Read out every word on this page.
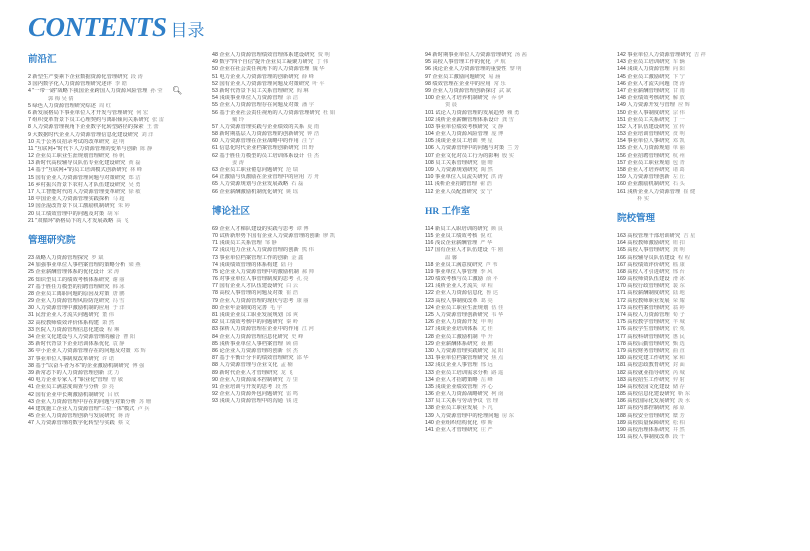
CONTENTS 目录
前沿汇
2 新型生产要素下企业数据资源化管理研究 段 涛
3 国内数字化人力资源管理研究述评 李 皓
4 "一带一路"战略下我国企业跨国人力资源风险管理 孙 莹
郭 梅 吴 倩
5 绿色人力资源管理研究综述 周 红
6 新发展格局下事业单位人才开发与管理研究 何 宏
7 组织变革背景下员工心理契约与离职倾向关系研究 张 雷
8 人力资源管理视角下企业数字化转型路径的探索 王 蕾
9 大数据时代企业人力资源管理信息化建设研究 刘 洋
10 关于公务员招录考试的改革研究 赵 明
11 "互联网+"时代下人力资源管理的变革与创新 陈 静
12 企业员工职业生涯规划管理研究 杨 帆
13 新时代高校辅导员队伍专业化建设研究 黄 磊
14 基于"互联网+"的员工培训模式创新研究 林 峰
15 国有企业人力资源管理问题与对策研究 郑 洁
16 乡村振兴背景下农村人才队伍建设研究 吴 勇
17 人工智能时代的人力资源管理变革研究 徐 敏
18 中国企业人力资源管理实践探析 马 超
19 国企混改背景下员工激励机制研究 朱 婷
20 员工绩效管理中的问题及对策 胡 军
21 "双循环"新格局下的人才发展战略 高 飞
管理研究院
23 战略人力资源管理探究 罗 斌
24 加强事业单位人事档案管理的策略分析 梁 燕
25 企业薪酬管理体系的优化设计 宋 涛
26 知识型员工的绩效考核体系研究 谢 丽
27 基于胜任力模型的招聘管理研究 韩 冰
28 企业员工离职问题的原因及对策 唐 鹏
29 企业人力资源管理风险防范研究 冯 雪
30 人力资源管理中激励机制的应用 于 洋
31 民营企业人才流失问题研究 董 伟
32 高校教师绩效评价体系构建 萧 然
33 医院人力资源管理信息化建设 程 琳
34 企业文化建设与人力资源管理的融合 曹 阳
35 新时代背景下企业培训体系优化 袁 静
36 中小企业人力资源管理存在的问题及对策 邓 辉
37 事业单位人事制度改革研究 许 诺
38 基于"以奋斗者为本"的企业激励机制研究 傅 强
39 新常态下的人力资源管理创新 沈 力
40 电力企业专家人才"职业化"管理 曾 敏
41 企业员工满意度调查与分析 彭 亮
42 国有企业中长期激励机制研究 吕 欣
43 企业人力资源管理中存在的问题与对策分析 苏 珊
44 建筑施工企业人力资源管理"三位一体"模式 卢 兵
45 企业人力资源管理创新与发展研究 蒋 涛
47 人力资源管理的数字化转型与实践 蔡 文
48 企业人力资源管理绩效管理体系建设研究 贾 明
49 数字"四个自信"提升企业员工凝聚力研究 丁 伟
50 企业在社会责任视角下的人力资源管理 魏 华
51 电力企业人力资源管理的创新研究 薛 峰
52 国有企业人力资源管理问题及对策研究 叶 平
53 新时代背景下员工关系管理研究 阎 琳
54 浅谈事业单位人力资源管理 余 洁
55 企业人力资源管理存在问题及对策 潘 宇
56 基于企业社会责任视角的人力资源管理研究 杜 娟
戴 玲
57 人力资源管理实践与企业绩效的关系 夏 雨
58 新时期基层人力资源管理的创新研究 钟 浩
60 人力资源管理在企业战略中的作用 汪 宁
61 信息化时代企业档案管理创新研究 田 野
62 基于胜任力模型的员工培训体系设计 任 杰
姜 涛
63 企业员工职业倦怠问题研究 范 瑞
64 正激励与负激励在企业管理中的应用 方 舟
65 人力资源规划与企业发展战略 石 磊
66 企业薪酬激励机制优化研究 姚 瑶
博论社区
69 企业人才梯队建设的实践与思考 谭 博
70 试析新形势下国有企业人力资源管理的创新 廖 凯
71 浅谈员工关系管理 邹 静
72 浅议电力企业人力资源管理的创新 熊 伟
73 事业单位档案管理工作的创新 金 鑫
74 浅谈绩效管理的体系构建 陆 丹
75 论企业人力资源管理中的激励机制 郝 帅
76 对事业单位人事管理制度的思考 孔 亮
77 国有企业人才队伍建设研究 白 云
78 高校人事管理的问题及对策 崔 浩
79 企业人力资源管理的现状与思考 康 丽
80 企业年金制度的完善 毛 宇
81 浅谈企业员工职业发展规划 邱 爽
82 员工绩效考核中的问题研究 秦 岭
83 探析人力资源管理在企业中的作用 江 河
84 企业人力资源管理信息化研究 史 峰
85 浅析事业单位人事档案管理 顾 倩
86 论企业人力资源管理的创新 侯 杰
87 基于平衡计分卡的绩效管理研究 邵 华
88 人力资源管理与企业文化 孟 楠
89 新时代企业人才管理研究 龙 飞
90 企业人力资源成本控制研究 万 里
91 企业培训与开发的思考 段 然
92 企业人力资源外包问题研究 雷 鸣
93 浅谈人力资源管理中的沟通 钱 进
94 新时期事业单位人力资源管理研究 汤 茜
95 高校人事管理工作的优化 尹 航
96 浅论企业人力资源管理的重要性 黎 明
97 企业员工激励问题研究 易 涵
98 绩效管理在企业中的应用 常 乐
99 企业人力资源管理创新探讨 武 斌
100 企业人才培养机制研究 乔 伊
贺 晨
101 试论人力资源管理的发展趋势 赖 勇
102 浅析企业薪酬管理体系设计 龚 雪
103 事业单位绩效考核研究 文 静
104 企业人力资源风险管理 庞 博
105 浅谈企业员工培训 樊 星
106 人力资源管理中的问题与对策 兰 芳
107 企业文化对员工行为的影响 殷 实
108 员工关系管理研究 施 晴
109 人力资源规划研究 陶 然
110 事业单位人员流失研究 洪 涛
111 浅析企业招聘管理 翟 浩
112 企业人员配置研究 安 宁
HR 工作室
114 新员工入职培训的研究 颜 良
115 企业员工绩效考核 倪 红
116 浅议企业薪酬管理 严 华
117 国有企业人才队伍建设 牛 刚
温 馨
118 企业员工满意度研究 芦 苇
119 事业单位人事管理 季 风
120 绩效考核与员工激励 俞 平
121 浅析企业人才流失 章 程
122 企业人力资源信息化 鲁 达
123 高校人事制度改革 葛 亮
124 企业员工职业生涯规划 伍 佳
125 人力资源管理创新研究 韦 华
126 企业人力资源开发 申 明
127 浅谈企业培训体系 尤 佳
128 企业员工激励机制 毕 升
129 企业薪酬体系研究 聂 鹏
130 人力资源管理实践研究 晁 阳
131 事业单位档案管理研究 焦 点
132 浅议企业人事管理 邢 远
133 企业员工培训需求分析 路 遥
134 企业人才招聘策略 岳 峰
135 浅谈企业绩效管理 齐 心
136 企业人力资源战略研究 柯 南
137 员工关系与劳动争议 管 理
138 企业员工职业发展 卜 凡
139 人力资源管理中的伦理问题 房 东
140 企业组织结构优化 缪 斯
141 企业人才管理研究 庄 严
142 事业单位人力资源管理研究 吉 祥
143 企业员工培训研究 车 辆
144 浅谈人力资源管理 向 阳
145 企业员工激励研究 卞 宁
146 企业人才流失问题 饶 涛
147 企业薪酬管理研究 甘 雨
148 企业绩效考核研究 解 放
149 人力资源开发与管理 应 辉
150 企业人事制度研究 宗 伟
151 企业员工关系研究 丁 一
152 人才队伍建设研究 宣 传
153 企业培训管理研究 贲 明
154 事业单位人事研究 邓 凯
155 企业人力资源规划 单 丽
156 企业招聘管理研究 杭 州
157 企业员工职业规划 包 青
158 企业人才培养研究 诸 葛
159 人力资源管理创新 左 丘
160 企业激励机制研究 石 头
161 浅析企业人力资源管理 崔 健
朴 实
院校管理
163 高校管理干部培训研究 吉 星
164 高校教师激励研究 钮 扣
165 高校人事管理研究 龚 明
166 高校辅导员队伍建设 程 程
167 高校绩效评价研究 嵇 康
168 高校人才引进研究 邢 台
169 高校师资队伍建设 滑 冰
170 高校行政管理研究 裴 东
171 高校薪酬制度研究 陆 地
172 高校教师职业发展 荣 耀
173 高校档案管理研究 翁 婷
174 高校人力资源管理 荀 子
175 高校教学管理研究 羊 城
176 高校学生管理研究 於 菟
177 高校科研管理研究 惠 民
178 高校后勤管理研究 甄 选
179 高校财务管理研究 曲 直
180 高校党建工作研究 家 和
181 高校思政教育研究 封 面
182 高校就业指导研究 芮 城
183 高校招生工作研究 羿 射
184 高校校园文化建设 储 存
185 高校信息化建设研究 靳 东
186 高校国际化发展研究 汲 水
187 高校内部控制研究 邴 原
188 高校安全管理研究 糜 芳
189 高校质量保障研究 松 柏
190 高校治理体系研究 井 然
191 高校人事制度改革 段 干
🔍︎
